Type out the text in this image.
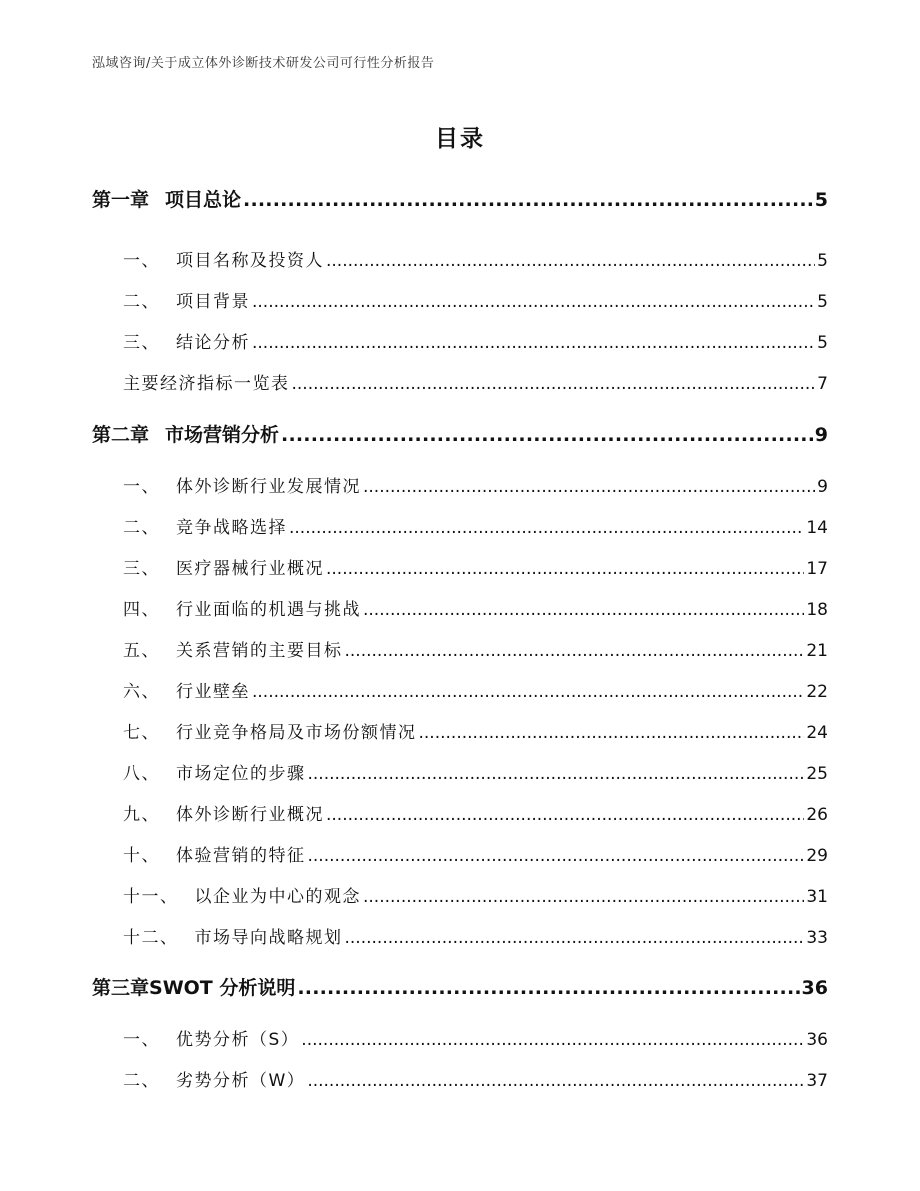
泓域咨询/关于成立体外诊断技术研发公司可行性分析报告
目录
第一章 项目总论 .....	5
一、 项目名称及投资人 .....	5
二、 项目背景 .....	5
三、 结论分析 .....	5
主要经济指标一览表 .....	7
第二章 市场营销分析 .....	9
一、 体外诊断行业发展情况 .....	9
二、 竞争战略选择 .....	14
三、 医疗器械行业概况 .....	17
四、 行业面临的机遇与挑战 .....	18
五、 关系营销的主要目标 .....	21
六、 行业壁垒 .....	22
七、 行业竞争格局及市场份额情况 .....	24
八、 市场定位的步骤 .....	25
九、 体外诊断行业概况 .....	26
十、 体验营销的特征 .....	29
十一、 以企业为中心的观念 .....	31
十二、 市场导向战略规划 .....	33
第三章SWOT 分析说明 .....	36
一、 优势分析（S） .....	36
二、 劣势分析（W） .....	37
